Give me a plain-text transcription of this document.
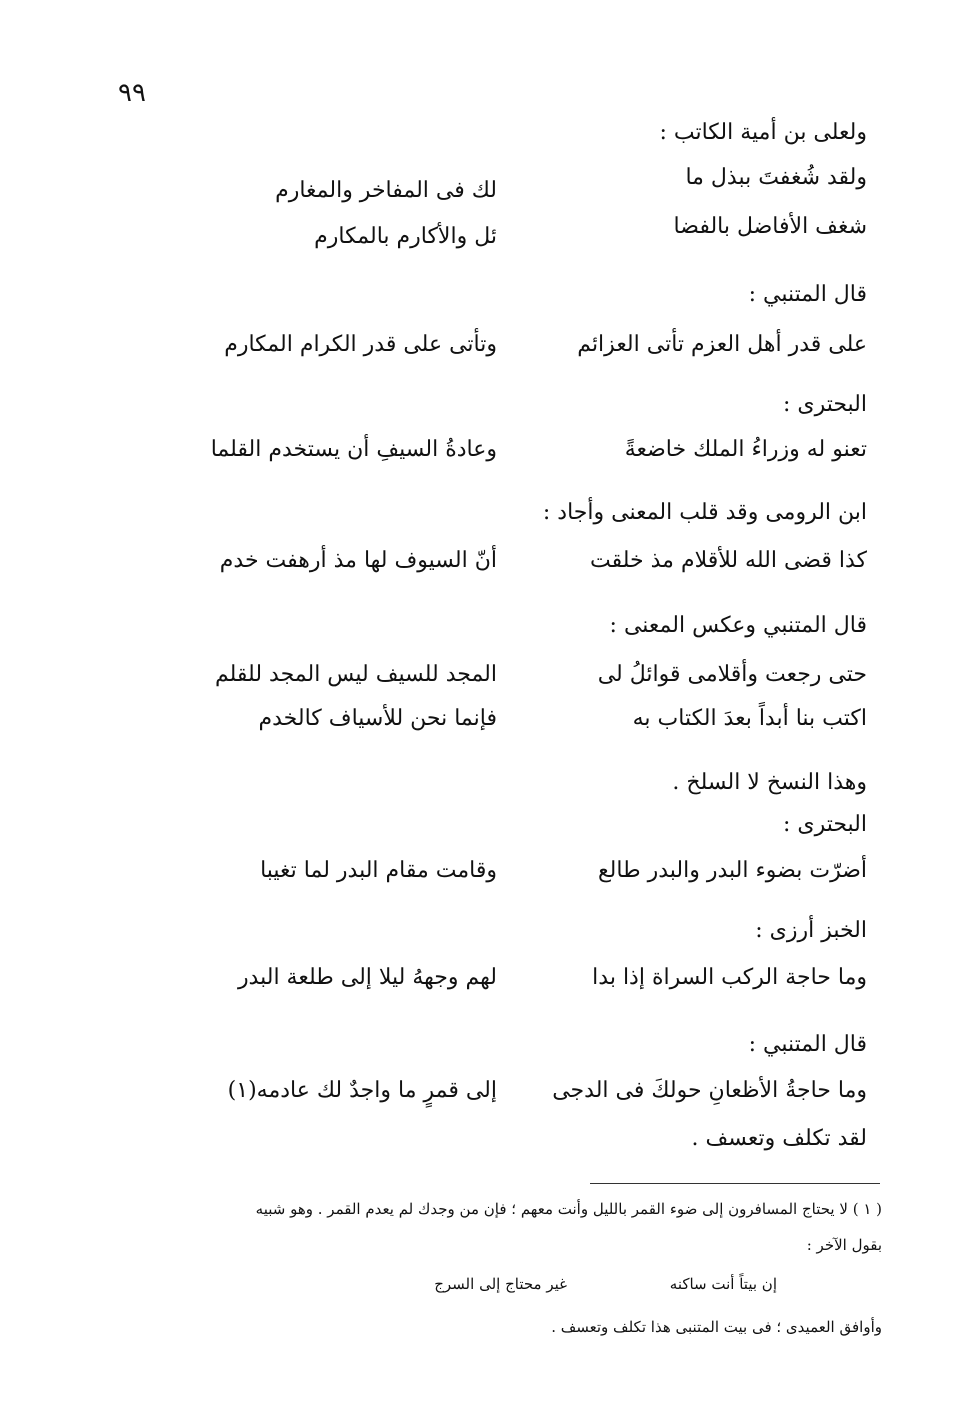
٩٩
ولعلى بن أمية الكاتب :
ولقد شُغفتَ ببذل ما
لك فى المفاخر والمغارم
شغف الأفاضل بالفضا
ئل والأكارم بالمكارم
قال المتنبي :
على قدر أهل العزم تأتى العزائم
وتأتى على قدر الكرام المكارم
البحترى :
تعنو له وزراءُ الملك خاضعةً
وعادةُ السيفِ أن يستخدم القلما
ابن الرومى وقد قلب المعنى وأجاد :
كذا قضى الله للأقلام مذ خلقت
أنّ السيوف لها مذ أرهفت خدم
قال المتنبي وعكس المعنى :
حتى رجعت وأقلامى قوائلُ لى
المجد للسيف ليس المجد للقلم
اكتب بنا أبداً بعدَ الكتاب به
فإنما نحن للأسياف كالخدم
وهذا النسخ لا السلخ .
البحترى :
أضرّت بضوء البدر والبدر طالع
وقامت مقام البدر لما تغيبا
الخبز أرزى :
وما حاجة الركب السراة إذا بدا
لهم وجههُ ليلا إلى طلعة البدر
قال المتنبي :
وما حاجةُ الأظعانِ حولكَ فى الدجى
إلى قمرٍ ما واجدٌ لك عادمه(١)
لقد تكلف وتعسف .
( ١ ) لا يحتاج المسافرون إلى ضوء القمر بالليل وأنت معهم ؛ فإن من وجدك لم يعدم القمر . وهو شبيه
بقول الآخر :
إن بيتاً أنت ساكنه
غير محتاج إلى السرج
وأوافق العميدى ؛ فى بيت المتنبى هذا تكلف وتعسف .
